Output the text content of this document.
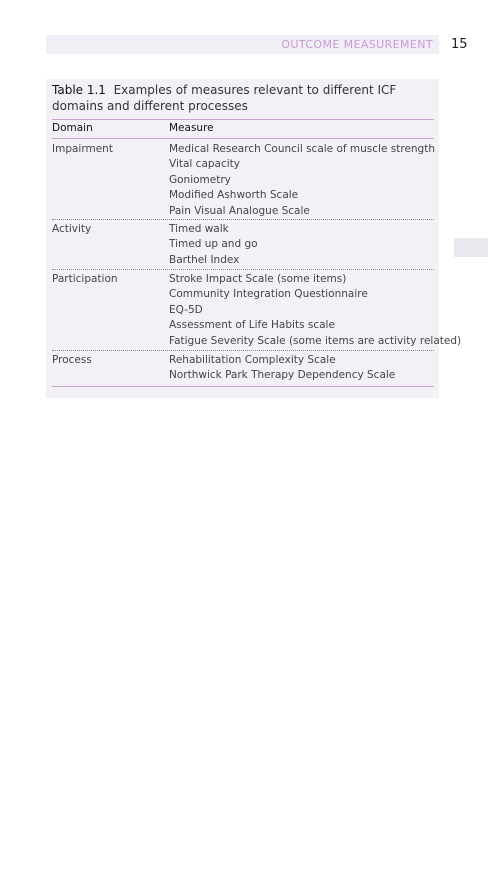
OUTCOME MEASUREMENT 15
Table 1.1 Examples of measures relevant to different ICF domains and different processes
Domain	Measure
Impairment	Medical Research Council scale of muscle strength
Vital capacity
Goniometry
Modified Ashworth Scale
Pain Visual Analogue Scale
Activity	Timed walk
Timed up and go
Barthel Index
Participation	Stroke Impact Scale (some items)
Community Integration Questionnaire
EQ-5D
Assessment of Life Habits scale
Fatigue Severity Scale (some items are activity related)
Process	Rehabilitation Complexity Scale
Northwick Park Therapy Dependency Scale
